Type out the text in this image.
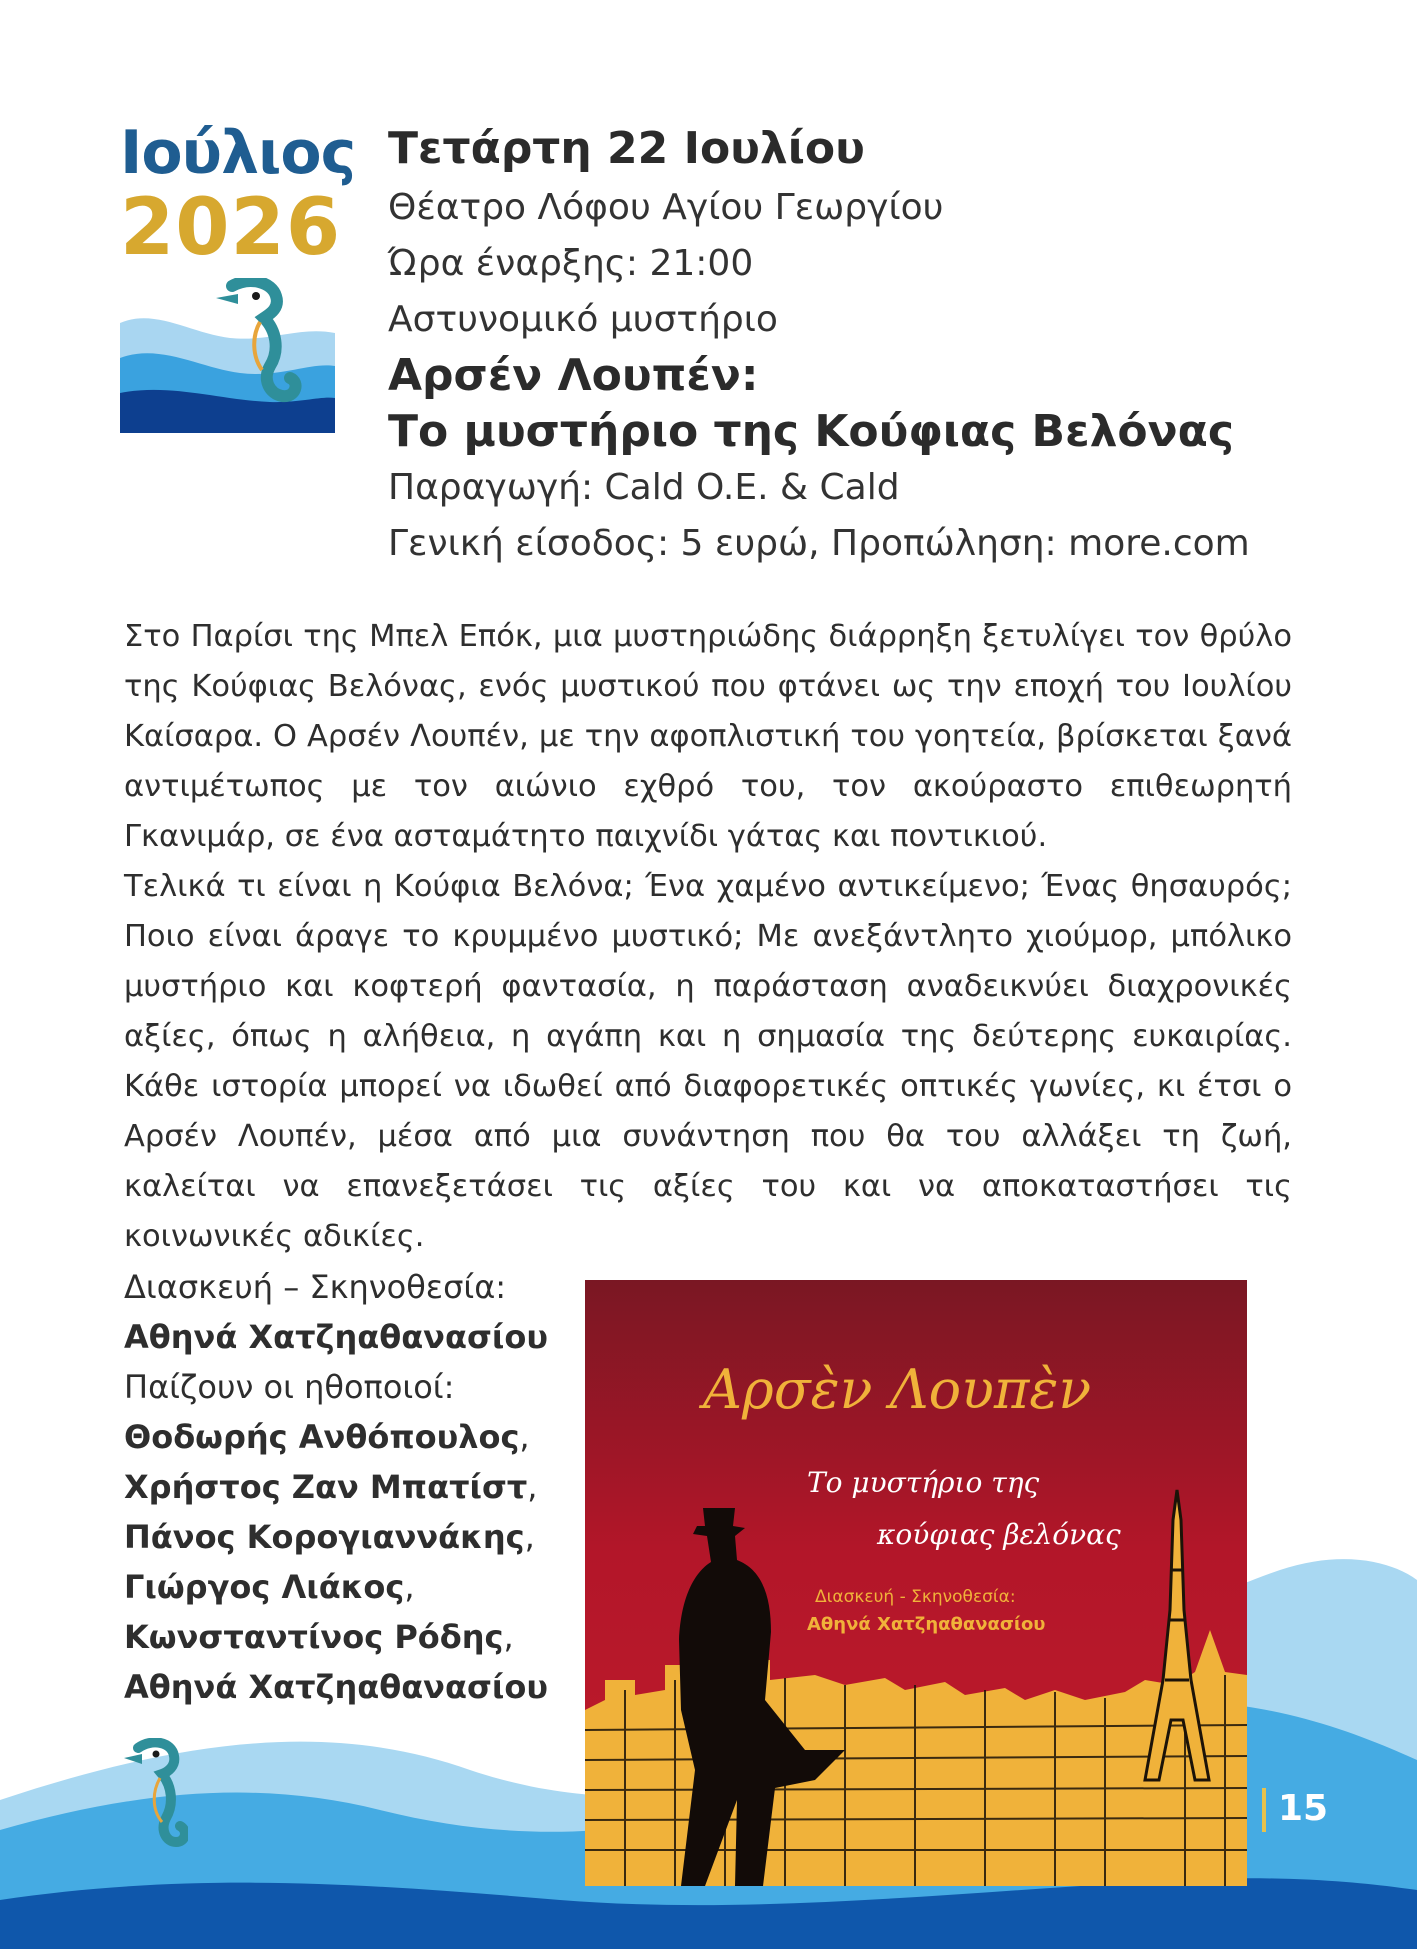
Ιούλιος
2026
Τετάρτη 22 Ιουλίου
Θέατρο Λόφου Αγίου Γεωργίου
Ώρα έναρξης: 21:00
Αστυνομικό μυστήριο
Αρσέν Λουπέν:
Το μυστήριο της Κούφιας Βελόνας
Παραγωγή: Cald O.E. & Cald
Γενική είσοδος: 5 ευρώ, Προπώληση: more.com

Στο Παρίσι της Μπελ Επόκ, μια μυστηριώδης διάρρηξη ξετυλίγει τον θρύλο της Κούφιας Βελόνας, ενός μυστικού που φτάνει ως την εποχή του Ιουλίου Καίσαρα. Ο Αρσέν Λουπέν, με την αφοπλιστική του γοητεία, βρίσκεται ξανά αντιμέτωπος με τον αιώνιο εχθρό του, τον ακούραστο επιθεωρητή Γκανιμάρ, σε ένα ασταμάτητο παιχνίδι γάτας και ποντικιού.

Τελικά τι είναι η Κούφια Βελόνα; Ένα χαμένο αντικείμενο; Ένας θησαυρός; Ποιο είναι άραγε το κρυμμένο μυστικό; Με ανεξάντλητο χιούμορ, μπόλικο μυστήριο και κοφτερή φαντασία, η παράσταση αναδεικνύει διαχρονικές αξίες, όπως η αλήθεια, η αγάπη και η σημασία της δεύτερης ευκαιρίας. Κάθε ιστορία μπορεί να ιδωθεί από διαφορετικές οπτικές γωνίες, κι έτσι ο Αρσέν Λουπέν, μέσα από μια συνάντηση που θα του αλλάξει τη ζωή, καλείται να επανεξετάσει τις αξίες του και να αποκαταστήσει τις κοινωνικές αδικίες.

Διασκευή – Σκηνοθεσία:
Αθηνά Χατζηαθανασίου
Παίζουν οι ηθοποιοί:
Θοδωρής Ανθόπουλος,
Χρήστος Ζαν Μπατίστ,
Πάνος Κορογιαννάκης,
Γιώργος Λιάκος,
Κωνσταντίνος Ρόδης,
Αθηνά Χατζηαθανασίου
Αρσὲν Λουπὲν
Το μυστήριο της
κούφιας βελόνας
Διασκευή - Σκηνοθεσία:
Αθηνά Χατζηαθανασίου
15
